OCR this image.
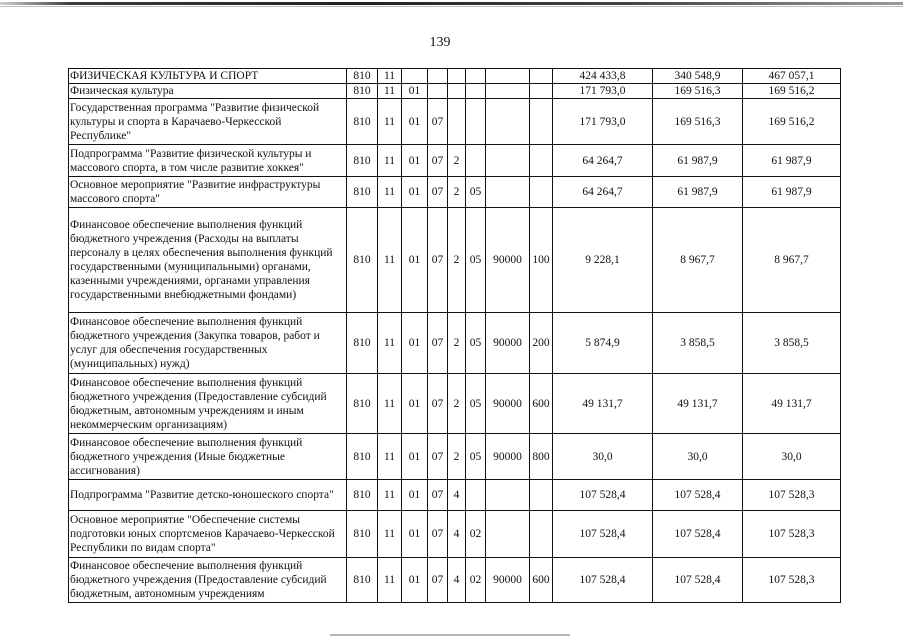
139
ФИЗИЧЕСКАЯ КУЛЬТУРА И СПОРТ	810	11							424 433,8	340 548,9	467 057,1
Физическая культура	810	11	01						171 793,0	169 516,3	169 516,2
Государственная программа "Развитие физической культуры и спорта в Карачаево-Черкесской Республике"	810	11	01	07					171 793,0	169 516,3	169 516,2
Подпрограмма "Развитие физической культуры и массового спорта, в том числе развитие хоккея"	810	11	01	07	2				64 264,7	61 987,9	61 987,9
Основное мероприятие "Развитие инфраструктуры массового спорта"	810	11	01	07	2	05			64 264,7	61 987,9	61 987,9
Финансовое обеспечение выполнения функций бюджетного учреждения (Расходы на выплаты персоналу в целях обеспечения выполнения функций государственными (муниципальными) органами, казенными учреждениями, органами управления государственными внебюджетными фондами)	810	11	01	07	2	05	90000	100	9 228,1	8 967,7	8 967,7
Финансовое обеспечение выполнения функций бюджетного учреждения (Закупка товаров, работ и услуг для обеспечения государственных (муниципальных) нужд)	810	11	01	07	2	05	90000	200	5 874,9	3 858,5	3 858,5
Финансовое обеспечение выполнения функций бюджетного учреждения (Предоставление субсидий бюджетным, автономным учреждениям и иным некоммерческим организациям)	810	11	01	07	2	05	90000	600	49 131,7	49 131,7	49 131,7
Финансовое обеспечение выполнения функций бюджетного учреждения (Иные бюджетные ассигнования)	810	11	01	07	2	05	90000	800	30,0	30,0	30,0
Подпрограмма "Развитие детско-юношеского спорта"	810	11	01	07	4				107 528,4	107 528,4	107 528,3
Основное мероприятие "Обеспечение системы подготовки юных спортсменов Карачаево-Черкесской Республики по видам спорта"	810	11	01	07	4	02			107 528,4	107 528,4	107 528,3
Финансовое обеспечение выполнения функций бюджетного учреждения (Предоставление субсидий бюджетным, автономным учреждениям	810	11	01	07	4	02	90000	600	107 528,4	107 528,4	107 528,3
